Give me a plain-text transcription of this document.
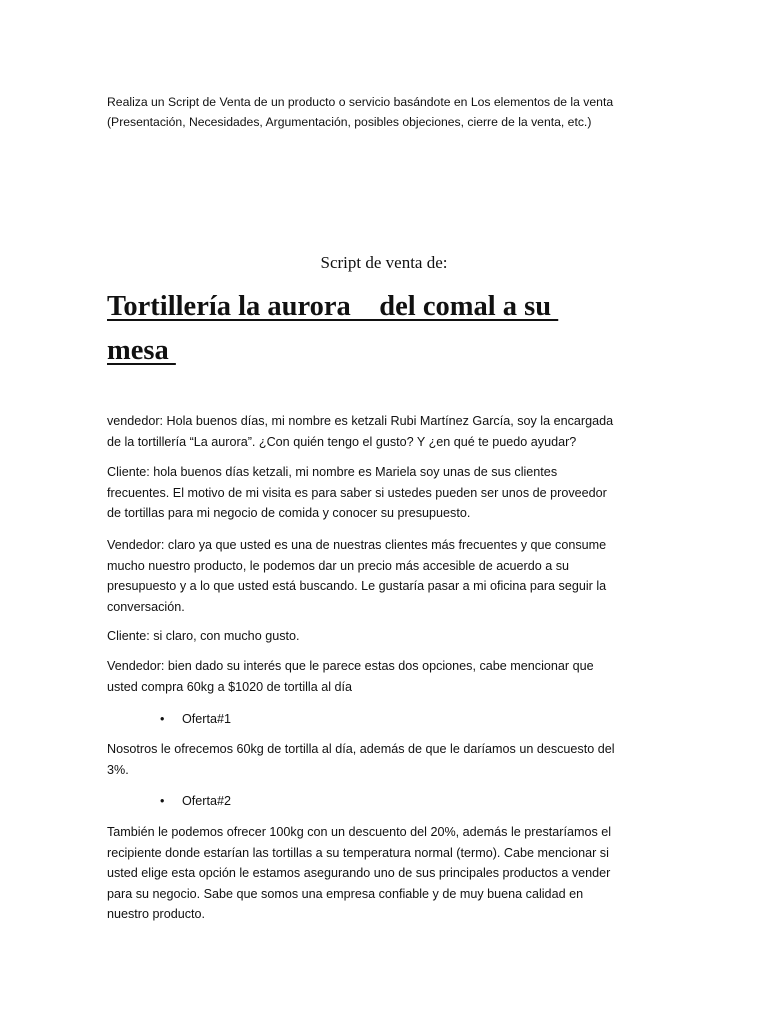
Realiza un Script de Venta de un producto o servicio basándote en Los elementos de la venta
(Presentación, Necesidades, Argumentación, posibles objeciones, cierre de la venta, etc.)

Script de venta de:
Tortillería la aurora    del comal a su
mesa

vendedor: Hola buenos días, mi nombre es ketzali Rubi Martínez García, soy la encargada
de la tortillería “La aurora”. ¿Con quién tengo el gusto? Y ¿en qué te puedo ayudar?

Cliente: hola buenos días ketzali, mi nombre es Mariela soy unas de sus clientes
frecuentes. El motivo de mi visita es para saber si ustedes pueden ser unos de proveedor
de tortillas para mi negocio de comida y conocer su presupuesto.

Vendedor: claro ya que usted es una de nuestras clientes más frecuentes y que consume
mucho nuestro producto, le podemos dar un precio más accesible de acuerdo a su
presupuesto y a lo que usted está buscando. Le gustaría pasar a mi oficina para seguir la
conversación.

Cliente: si claro, con mucho gusto.

Vendedor: bien dado su interés que le parece estas dos opciones, cabe mencionar que
usted compra 60kg a $1020 de tortilla al día

• Oferta#1

Nosotros le ofrecemos 60kg de tortilla al día, además de que le daríamos un descuesto del
3%.

• Oferta#2

También le podemos ofrecer 100kg con un descuento del 20%, además le prestaríamos el
recipiente donde estarían las tortillas a su temperatura normal (termo). Cabe mencionar si
usted elige esta opción le estamos asegurando uno de sus principales productos a vender
para su negocio. Sabe que somos una empresa confiable y de muy buena calidad en
nuestro producto.
